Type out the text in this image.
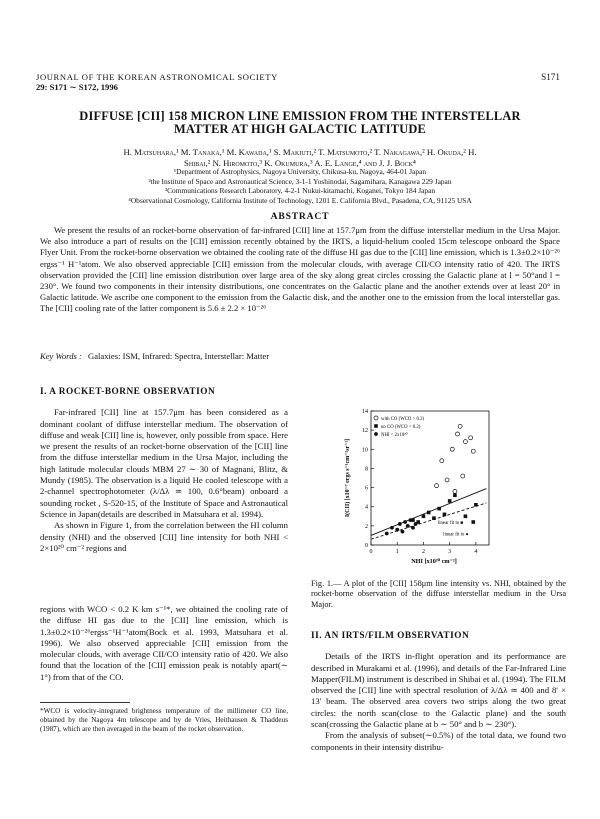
JOURNAL OF THE KOREAN ASTRONOMICAL SOCIETY
29: S171 ∼ S172, 1996
S171
DIFFUSE [CII] 158 MICRON LINE EMISSION FROM THE INTERSTELLAR
MATTER AT HIGH GALACTIC LATITUDE
H. Matsuhara,¹ M. Tanaka,¹ M. Kawada,¹ S. Makiuti,² T. Matsumoto,² T. Nakagawa,² H. Okuda,² H.
Shibai,² N. Hiromoto,³ K. Okumura,³ A. E. Lange,⁴ and J. J. Bock⁴
¹Department of Astrophysics, Nagoya University, Chikusa-ku, Nagoya, 464-01 Japan
²the Institute of Space and Astronautical Science, 3-1-1 Yoshinodai, Sagamihara, Kanagawa 229 Japan
³Communications Research Laboratory, 4-2-1 Nukui-kitamachi, Koganei, Tokyo 184 Japan
⁴Observational Cosmology, California Institute of Technology, 1201 E. California Blvd., Pasadena, CA, 91125 USA
ABSTRACT
We present the results of an rocket-borne observation of far-infrared [CII] line at 157.7μm from the diffuse interstellar medium in the Ursa Major. We also introduce a part of results on the [CII] emission recently obtained by the IRTS, a liquid-helium cooled 15cm telescope onboard the Space Flyer Unit. From the rocket-borne observation we obtained the cooling rate of the diffuse HI gas due to the [CII] line emission, which is 1.3±0.2×10⁻²⁶ ergss⁻¹ H⁻¹atom. We also observed appreciable [CII] emission from the molecular clouds, with average CII/CO intensity ratio of 420. The IRTS observation provided the [CII] line emission distribution over large area of the sky along great circles crossing the Galactic plane at l = 50°and l = 230°. We found two components in their intensity distributions, one concentrates on the Galactic plane and the another extends over at least 20° in Galactic latitude. We ascribe one component to the emission from the Galactic disk, and the another one to the emission from the local interstellar gas. The [CII] cooling rate of the latter component is 5.6 ± 2.2 × 10⁻²⁶
Key Words : Galaxies: ISM, Infrared: Spectra, Interstellar: Matter
I. A ROCKET-BORNE OBSERVATION

Far-infrared [CII] line at 157.7μm has been considered as a dominant coolant of diffuse interstellar medium. The observation of diffuse and weak [CII] line is, however, only possible from space. Here we present the results of an rocket-borne observation of the [CII] line from the diffuse interstellar medium in the Ursa Major, including the high latitude molecular clouds MBM 27 ∼ 30 of Magnani, Blitz, & Mundy (1985). The observation is a liquid He cooled telescope with a 2-channel spectrophotometer (λ/Δλ ≃ 100, 0.6°beam) onboard a sounding rocket , S-520-15, of the Institute of Space and Astronautical Science in Japan(details are described in Matsuhara et al. 1994).

As shown in Figure 1, from the correlation between the HI column density (NHI) and the observed [CII] line intensity for both NHI < 2×10²⁰ cm⁻² regions and

regions with WCO < 0.2 K km s⁻¹*, we obtained the cooling rate of the diffuse HI gas due to the [CII] line emission, which is 1.3±0.2×10⁻²⁶ergss⁻¹H⁻¹atom(Bock et al. 1993, Matsuhara et al. 1996). We also observed appreciable [CII] emission from the molecular clouds, with average CII/CO intensity ratio of 420. We also found that the location of the [CII] emission peak is notably apart(∼ 1°) from that of the CO.

*WCO is velocity-integrated brightness temperature of the millimeter CO line, obtained by the Nagoya 4m telescope and by de Vries, Heithausen & Thaddeus (1987), which are then averaged in the beam of the rocket observation.
0	1	2	3	4
0
2
4
6
8
10
12
14
NHI [x10²⁰ cm⁻²]
I(CII) [x10⁻⁷ ergs s⁻¹cm⁻²sr⁻¹]
with CO (WCO > 0.2)
no CO (WCO < 0.2)
NHI < 2x10²⁰
linear fit to ■
linear fit to ●
Fig. 1.— A plot of the [CII] 158μm line intensity vs. NHI, obtained by the rocket-borne observation of the diffuse interstellar medium in the Ursa Major.
II. AN IRTS/FILM OBSERVATION

Details of the IRTS in-flight operation and its performance are described in Murakami et al. (1996), and details of the Far-Infrared Line Mapper(FILM) instrument is described in Shibai et al. (1994). The FILM observed the [CII] line with spectral resolution of λ/Δλ ≃ 400 and 8′ × 13′ beam. The observed area covers two strips along the two great circles: the north scan(close to the Galactic plane) and the south scan(crossing the Galactic plane at b ∼ 50° and b ∼ 230°).

From the analysis of subset(∼0.5%) of the total data, we found two components in their intensity distribu-
